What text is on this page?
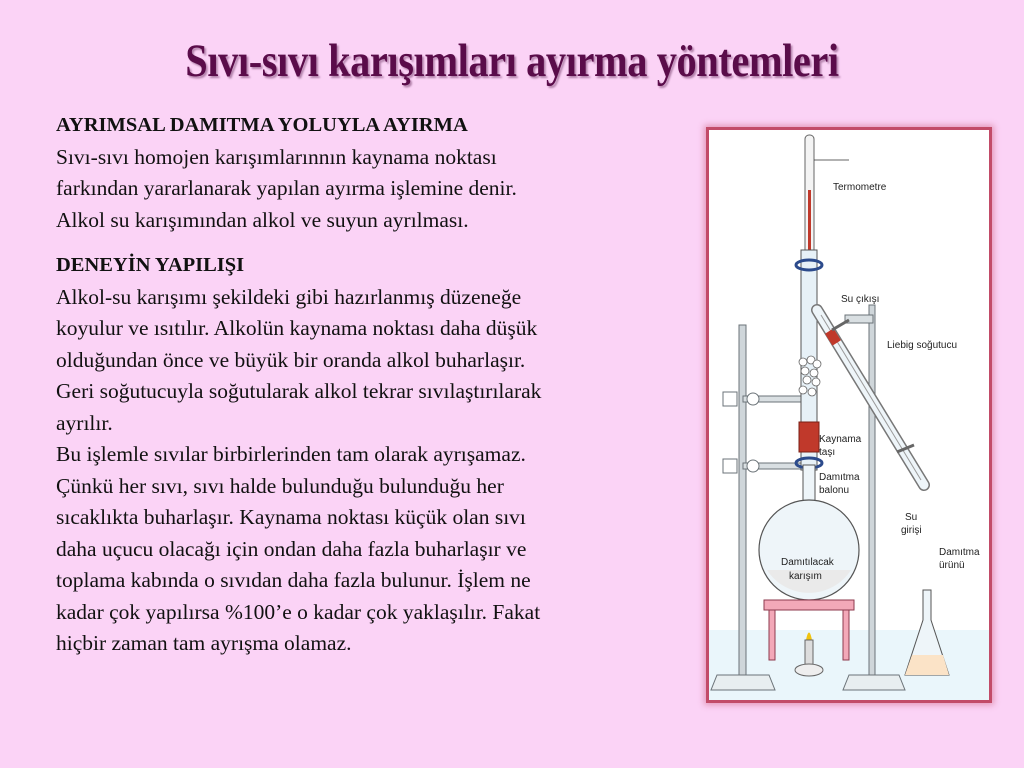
Sıvı-sıvı karışımları ayırma yöntemleri

AYRIMSAL DAMITMA YOLUYLA AYIRMA

Sıvı-sıvı homojen karışımlarınnın kaynama noktası

farkından yararlanarak yapılan ayırma işlemine denir.

Alkol su karışımından alkol ve suyun ayrılması.

DENEYİN YAPILIŞI

Alkol-su karışımı şekildeki gibi hazırlanmış düzeneğe

koyulur ve ısıtılır. Alkolün kaynama noktası daha düşük

olduğundan önce ve büyük bir oranda alkol buharlaşır.

Geri soğutucuyla soğutularak alkol tekrar sıvılaştırılarak

ayrılır.

Bu işlemle sıvılar birbirlerinden tam olarak ayrışamaz.

Çünkü her sıvı, sıvı halde bulunduğu bulunduğu her

sıcaklıkta buharlaşır. Kaynama noktası küçük olan sıvı

daha uçucu olacağı için ondan daha fazla buharlaşır ve

toplama kabında o sıvıdan daha fazla bulunur. İşlem ne

kadar çok yapılırsa %100’e o kadar çok yaklaşılır. Fakat

hiçbir zaman tam ayrışma olamaz.

Termometre
Su çıkışı
Liebig soğutucu
Kaynama
taşı
Damıtma
balonu
Su
girişi
Damıtma
ürünü
Damıtılacak
karışım
